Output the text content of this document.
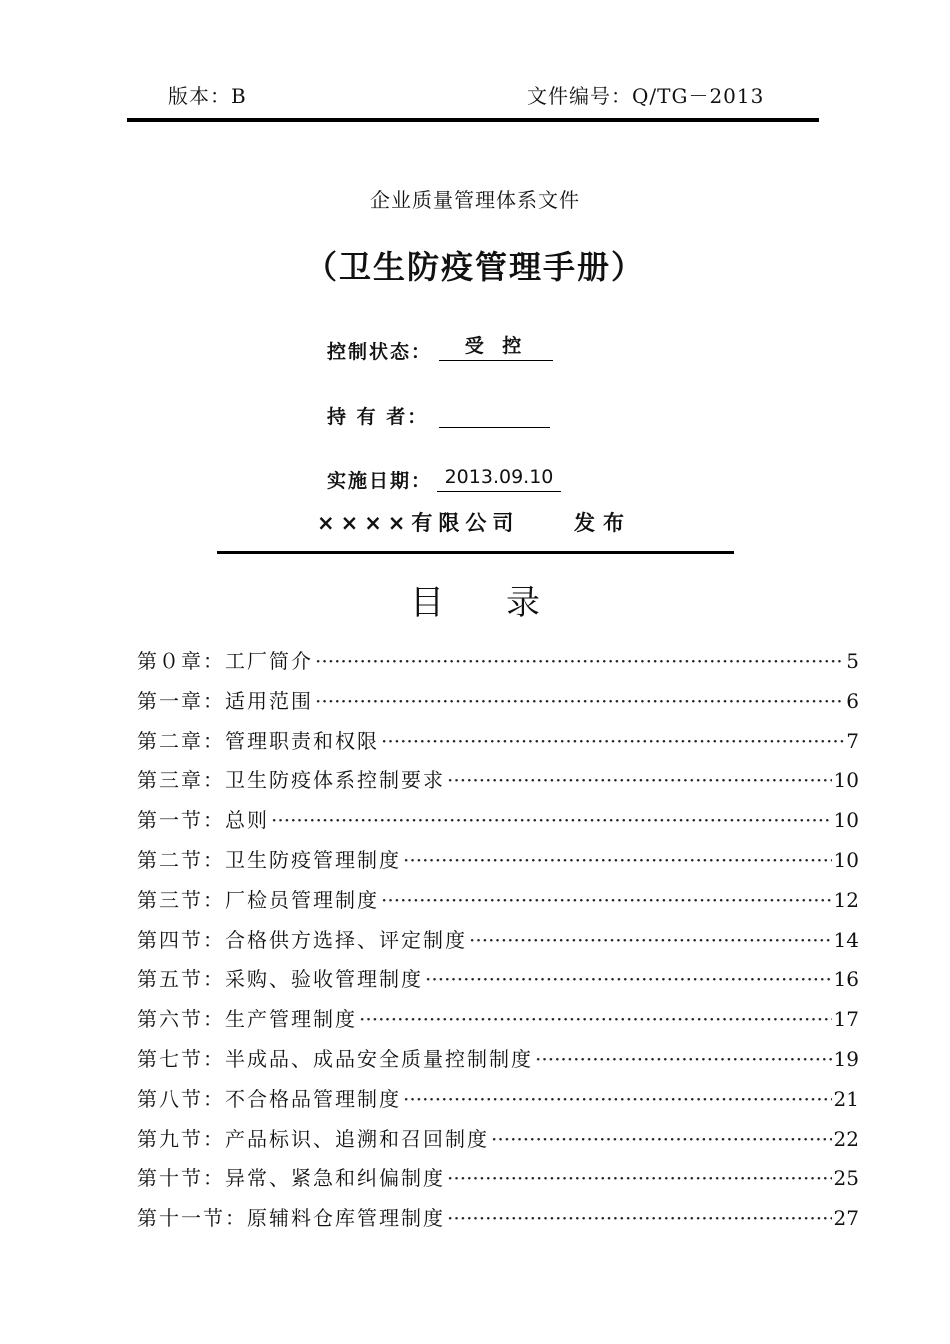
版本：B	文件编号：Q/TG－2013
企业质量管理体系文件
（卫生防疫管理手册）
控制状态：	受 控
持 有 者：
实施日期： 2013.09.10
××××有限公司	发布
目 录
第０章：工厂简介 ·····	5
第一章：适用范围 ·····	6
第二章：管理职责和权限 ·····	7
第三章：卫生防疫体系控制要求 ·····	10
第一节：总则 ·····	10
第二节：卫生防疫管理制度 ·····	10
第三节：厂检员管理制度 ·····	12
第四节：合格供方选择、评定制度 ·····	14
第五节：采购、验收管理制度 ·····	16
第六节：生产管理制度 ·····	17
第七节：半成品、成品安全质量控制制度 ·····	19
第八节：不合格品管理制度 ·····	21
第九节：产品标识、追溯和召回制度 ·····	22
第十节：异常、紧急和纠偏制度 ·····	25
第十一节：原辅料仓库管理制度 ·····	27
